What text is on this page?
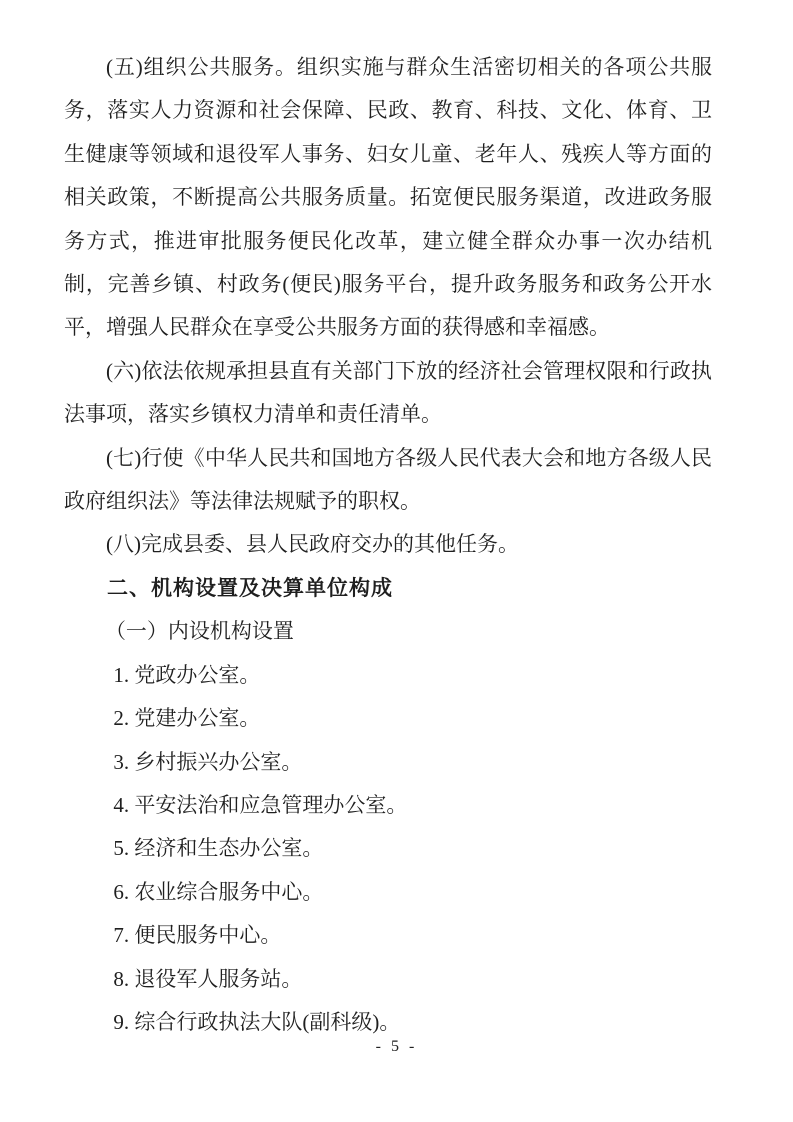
(五)组织公共服务。组织实施与群众生活密切相关的各项公共服务，落实人力资源和社会保障、民政、教育、科技、文化、体育、卫生健康等领域和退役军人事务、妇女儿童、老年人、残疾人等方面的相关政策，不断提高公共服务质量。拓宽便民服务渠道，改进政务服务方式，推进审批服务便民化改革，建立健全群众办事一次办结机制，完善乡镇、村政务(便民)服务平台，提升政务服务和政务公开水平，增强人民群众在享受公共服务方面的获得感和幸福感。

(六)依法依规承担县直有关部门下放的经济社会管理权限和行政执法事项，落实乡镇权力清单和责任清单。

(七)行使《中华人民共和国地方各级人民代表大会和地方各级人民政府组织法》等法律法规赋予的职权。

(八)完成县委、县人民政府交办的其他任务。

二、机构设置及决算单位构成

（一）内设机构设置

1. 党政办公室。

2. 党建办公室。

3. 乡村振兴办公室。

4. 平安法治和应急管理办公室。

5. 经济和生态办公室。

6. 农业综合服务中心。

7. 便民服务中心。

8. 退役军人服务站。

9. 综合行政执法大队(副科级)。

- 5 -
